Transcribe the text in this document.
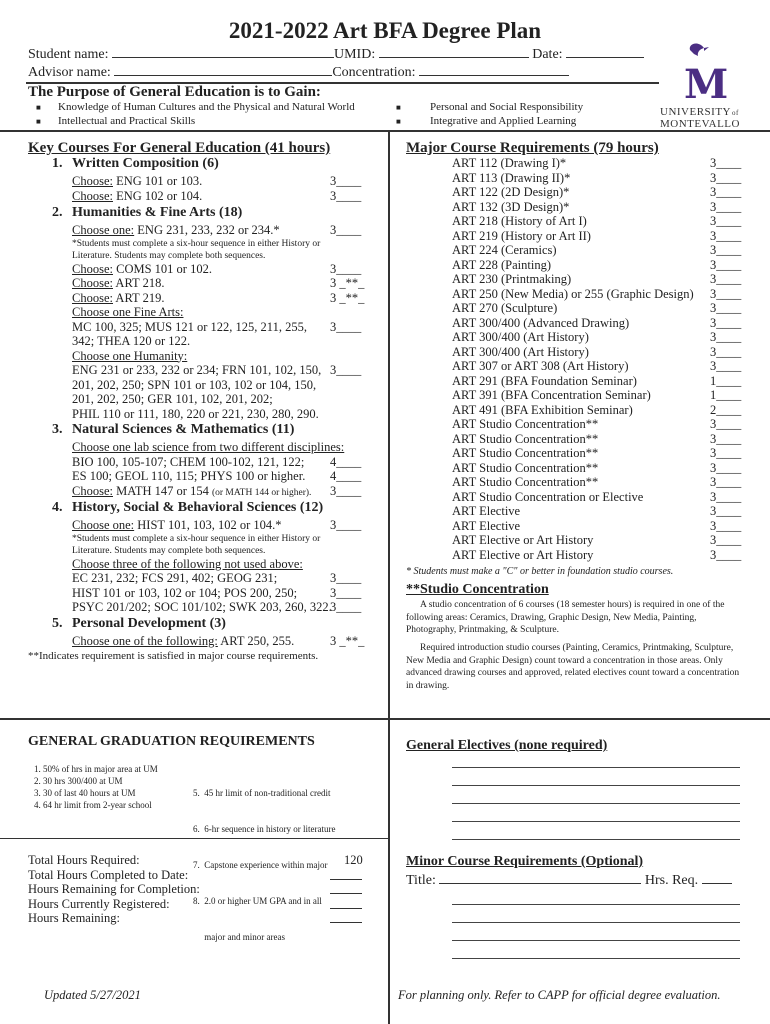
2021-2022 Art BFA Degree Plan
Student name:	UMID:	Date:
Advisor name:	Concentration:	M
UNIVERSITYof
MONTEVALLO
The Purpose of General Education is to Gain:
■ Knowledge of Human Cultures and the Physical and Natural World
■ Intellectual and Practical Skills
■	Personal and Social Responsibility
■	Integrative and Applied Learning
Key Courses For General Education (41 hours)
1. Written Composition (6)
Choose: ENG 101 or 103.	3____
Choose: ENG 102 or 104.	3____
2. Humanities & Fine Arts (18)
Choose one: ENG 231, 233, 232 or 234.*	3____
*Students must complete a six-hour sequence in either History or
Literature. Students may complete both sequences.
Choose: COMS 101 or 102.	3____
Choose: ART 218.	3 _**_
Choose: ART 219.	3 _**_
Choose one Fine Arts:
MC 100, 325; MUS 121 or 122, 125, 211, 255, 3____
342; THEA 120 or 122.
Choose one Humanity:
ENG 231 or 233, 232 or 234; FRN 101, 102, 150, 3____
201, 202, 250; SPN 101 or 103, 102 or 104, 150,
201, 202, 250; GER 101, 102, 201, 202;
PHIL 110 or 111, 180, 220 or 221, 230, 280, 290.
3. Natural Sciences & Mathematics (11)
Choose one lab science from two different disciplines:
BIO 100, 105-107; CHEM 100-102, 121, 122; 4____
ES 100; GEOL 110, 115; PHYS 100 or higher. 4____
Choose: MATH 147 or 154 (or MATH 144 or higher). 3____
4. History, Social & Behavioral Sciences (12)
Choose one: HIST 101, 103, 102 or 104.*	3____
*Students must complete a six-hour sequence in either History or
Literature. Students may complete both sequences.
Choose three of the following not used above:
EC 231, 232; FCS 291, 402; GEOG 231;	3____
HIST 101 or 103, 102 or 104; POS 200, 250;	3____
PSYC 201/202; SOC 101/102; SWK 203, 260, 322.
3____
5. Personal Development (3)
Choose one of the following: ART 250, 255.	3 _**_
**Indicates requirement is satisfied in major course requirements.
Major Course Requirements (79 hours)
ART 112 (Drawing I)*	3____
ART 113 (Drawing II)*	3____
ART 122 (2D Design)*	3____
ART 132 (3D Design)*	3____
ART 218 (History of Art I)	3____
ART 219 (History or Art II)	3____
ART 224 (Ceramics)	3____
ART 228 (Painting)	3____
ART 230 (Printmaking)	3____
ART 250 (New Media) or 255 (Graphic Design) 3____
ART 270 (Sculpture)	3____
ART 300/400 (Advanced Drawing)	3____
ART 300/400 (Art History)	3____
ART 300/400 (Art History)	3____
ART 307 or ART 308 (Art History)	3____
ART 291 (BFA Foundation Seminar)	1____
ART 391 (BFA Concentration Seminar)	1____
ART 491 (BFA Exhibition Seminar)	2____
ART Studio Concentration**	3____
ART Studio Concentration**	3____
ART Studio Concentration**	3____
ART Studio Concentration**	3____
ART Studio Concentration**	3____
ART Studio Concentration or Elective	3____
ART Elective	3____
ART Elective	3____
ART Elective or Art History	3____
ART Elective or Art History	3____
* Students must make a "C" or better in foundation studio courses.
**Studio Concentration
A studio concentration of 6 courses (18 semester hours) is required in one of the following areas: Ceramics, Drawing, Graphic Design, New Media, Painting, Photography, Printmaking, & Sculpture.
Required introduction studio courses (Painting, Ceramics, Printmaking, Sculpture, New Media and Graphic Design) count toward a concentration in those areas. Only advanced drawing courses and approved, related electives count toward a concentration in drawing.
GENERAL GRADUATION REQUIREMENTS
1. 50% of hrs in major area at UM
2. 30 hrs 300/400 at UM
3. 30 of last 40 hours at UM
4. 64 hr limit from 2-year school

5.  45 hr limit of non-traditional credit

6.  6-hr sequence in history or literature

7.  Capstone experience within major

8.  2.0 or higher UM GPA and in all

major and minor areas

Total Hours Required:	120
Total Hours Completed to Date:
Hours Remaining for Completion:
Hours Currently Registered:
Hours Remaining:
General Electives (none required)
Minor Course Requirements (Optional)
Title:	Hrs. Req.
Updated 5/27/2021	For planning only. Refer to CAPP for official degree evaluation.
